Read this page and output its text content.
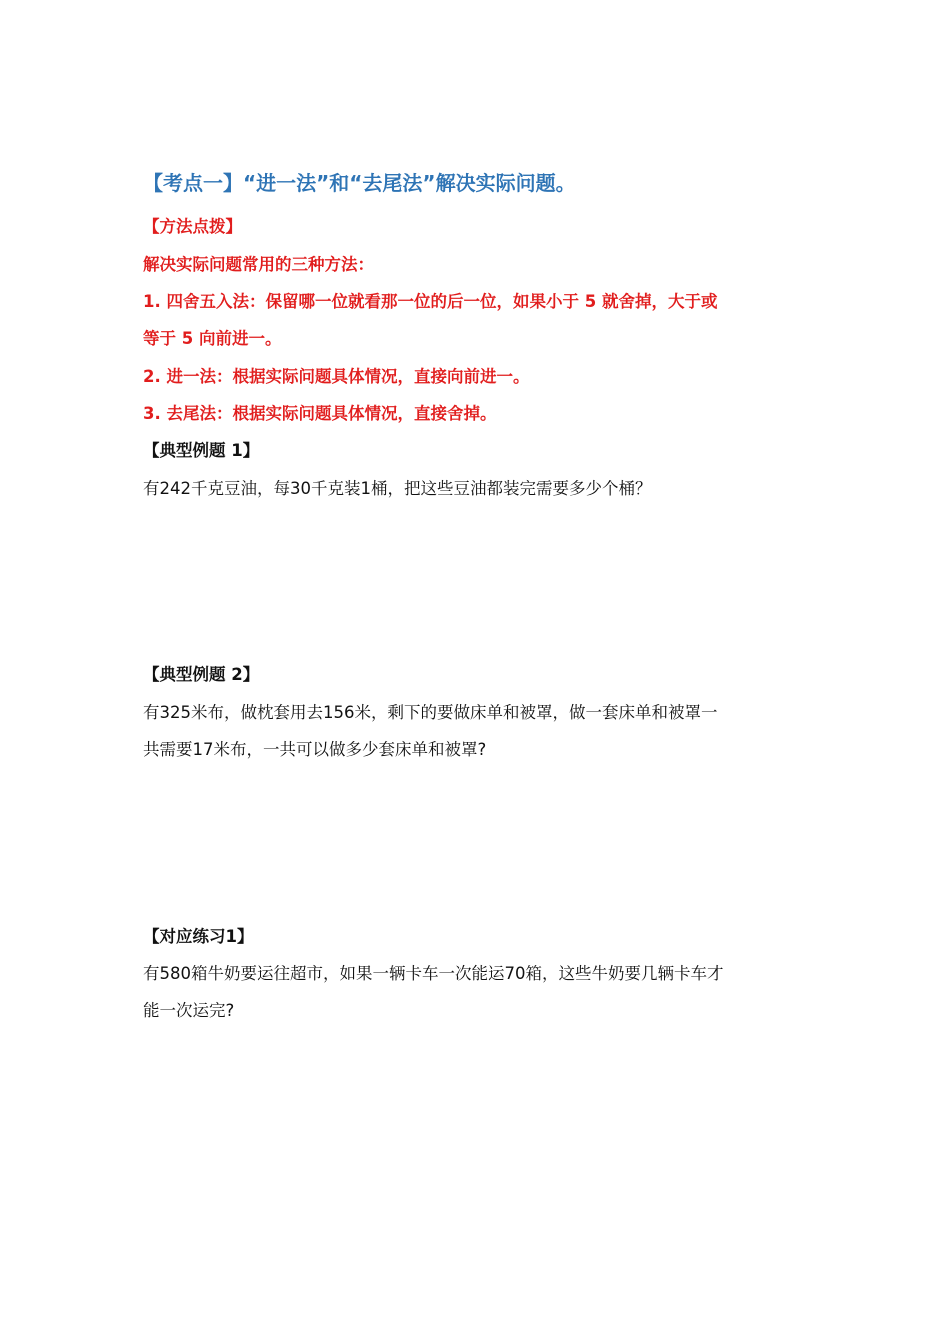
【考点一】“进一法”和“去尾法”解决实际问题。
【方法点拨】
解决实际问题常用的三种方法：
1. 四舍五入法：保留哪一位就看那一位的后一位，如果小于 5 就舍掉，大于或
等于 5 向前进一。
2. 进一法：根据实际问题具体情况，直接向前进一。
3. 去尾法：根据实际问题具体情况，直接舍掉。
【典型例题 1】
有242千克豆油，每30千克装1桶，把这些豆油都装完需要多少个桶？
【典型例题 2】
有325米布，做枕套用去156米，剩下的要做床单和被罩，做一套床单和被罩一
共需要17米布，一共可以做多少套床单和被罩?
【对应练习1】
有580箱牛奶要运往超市，如果一辆卡车一次能运70箱，这些牛奶要几辆卡车才
能一次运完?
